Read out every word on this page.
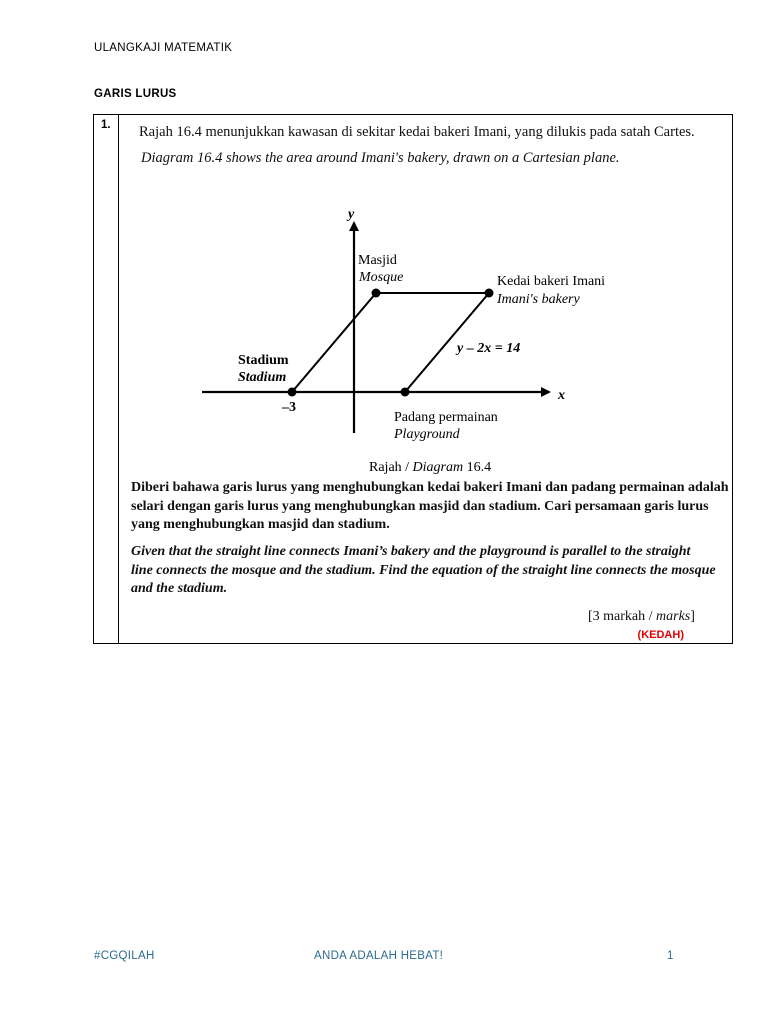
ULANGKAJI MATEMATIK
GARIS LURUS
1. Rajah 16.4 menunjukkan kawasan di sekitar kedai bakeri Imani, yang dilukis pada satah Cartes.
Diagram 16.4 shows the area around Imani's bakery, drawn on a Cartesian plane.
y
x
Masjid
Mosque	Kedai bakeri Imani
Imani's bakery
y – 2x = 14
Stadium
Stadium
–3
Padang permainan
Playground
Rajah / Diagram 16.4
Diberi bahawa garis lurus yang menghubungkan kedai bakeri Imani dan padang permainan adalah
selari dengan garis lurus yang menghubungkan masjid dan stadium. Cari persamaan garis lurus
yang menghubungkan masjid dan stadium.
Given that the straight line connects Imani’s bakery and the playground is parallel to the straight
line connects the mosque and the stadium. Find the equation of the straight line connects the mosque
and the stadium.
[3 markah / marks]
(KEDAH)
#CGQILAH	ANDA ADALAH HEBAT!	1
